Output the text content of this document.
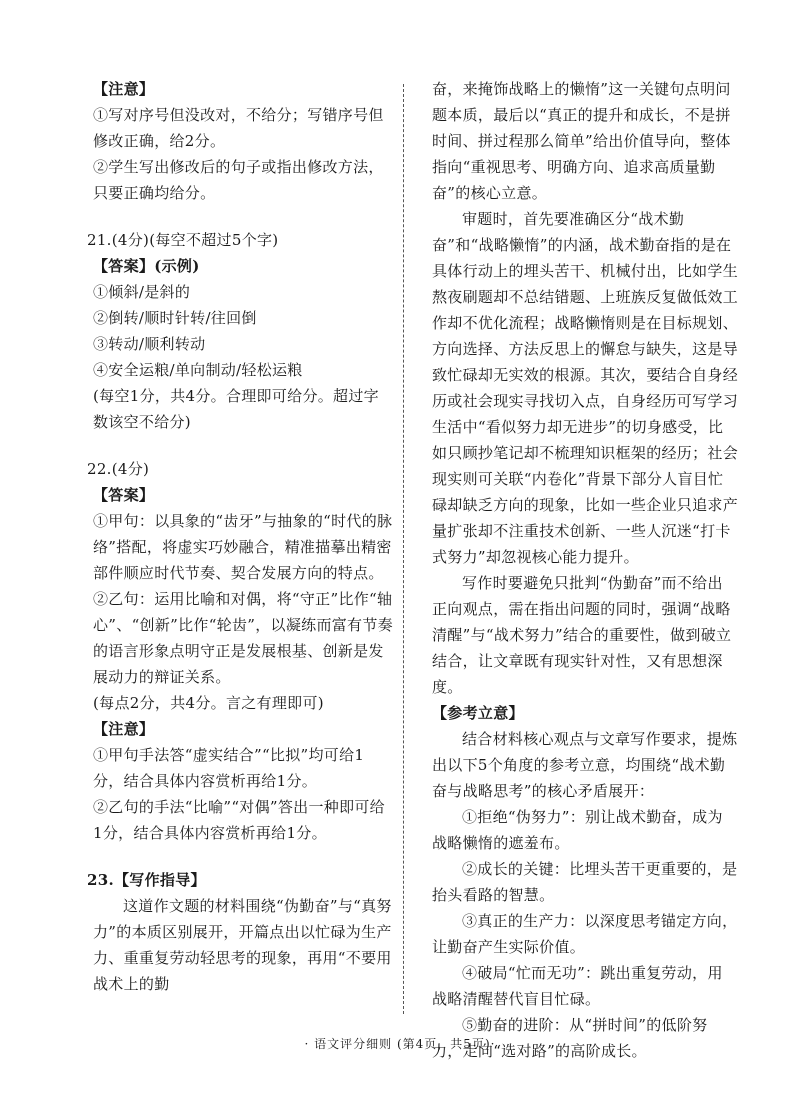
【注意】
①写对序号但没改对，不给分；写错序号但修改正确，给2分。
②学生写出修改后的句子或指出修改方法，只要正确均给分。
21.(4分)(每空不超过5个字)
【答案】(示例)
①倾斜/是斜的
②倒转/顺时针转/往回倒
③转动/顺利转动
④安全运粮/单向制动/轻松运粮
(每空1分，共4分。合理即可给分。超过字数该空不给分)
22.(4分)
【答案】
①甲句：以具象的“齿牙”与抽象的“时代的脉络”搭配，将虚实巧妙融合，精准描摹出精密部件顺应时代节奏、契合发展方向的特点。
②乙句：运用比喻和对偶，将“守正”比作“轴心”、“创新”比作“轮齿”，以凝练而富有节奏的语言形象点明守正是发展根基、创新是发展动力的辩证关系。
(每点2分，共4分。言之有理即可)
【注意】
①甲句手法答“虚实结合”“比拟”均可给1分，结合具体内容赏析再给1分。
②乙句的手法“比喻”“对偶”答出一种即可给1分，结合具体内容赏析再给1分。
23.【写作指导】
这道作文题的材料围绕“伪勤奋”与“真努力”的本质区别展开，开篇点出以忙碌为生产力、重重复劳动轻思考的现象，再用“不要用战术上的勤
奋，来掩饰战略上的懒惰”这一关键句点明问题本质，最后以“真正的提升和成长，不是拼时间、拼过程那么简单”给出价值导向，整体指向“重视思考、明确方向、追求高质量勤奋”的核心立意。
审题时，首先要准确区分“战术勤奋”和“战略懒惰”的内涵，战术勤奋指的是在具体行动上的埋头苦干、机械付出，比如学生熬夜刷题却不总结错题、上班族反复做低效工作却不优化流程；战略懒惰则是在目标规划、方向选择、方法反思上的懈怠与缺失，这是导致忙碌却无实效的根源。其次，要结合自身经历或社会现实寻找切入点，自身经历可写学习生活中“看似努力却无进步”的切身感受，比如只顾抄笔记却不梳理知识框架的经历；社会现实则可关联“内卷化”背景下部分人盲目忙碌却缺乏方向的现象，比如一些企业只追求产量扩张却不注重技术创新、一些人沉迷“打卡式努力”却忽视核心能力提升。
写作时要避免只批判“伪勤奋”而不给出正向观点，需在指出问题的同时，强调“战略清醒”与“战术努力”结合的重要性，做到破立结合，让文章既有现实针对性，又有思想深度。
【参考立意】
结合材料核心观点与文章写作要求，提炼出以下5个角度的参考立意，均围绕“战术勤奋与战略思考”的核心矛盾展开：
①拒绝“伪努力”：别让战术勤奋，成为战略懒惰的遮羞布。
②成长的关键：比埋头苦干更重要的，是抬头看路的智慧。
③真正的生产力：以深度思考锚定方向，让勤奋产生实际价值。
④破局“忙而无功”：跳出重复劳动，用战略清醒替代盲目忙碌。
⑤勤奋的进阶：从“拼时间”的低阶努力，走向“选对路”的高阶成长。
· 语文评分细则 (第4页，共5页)·
